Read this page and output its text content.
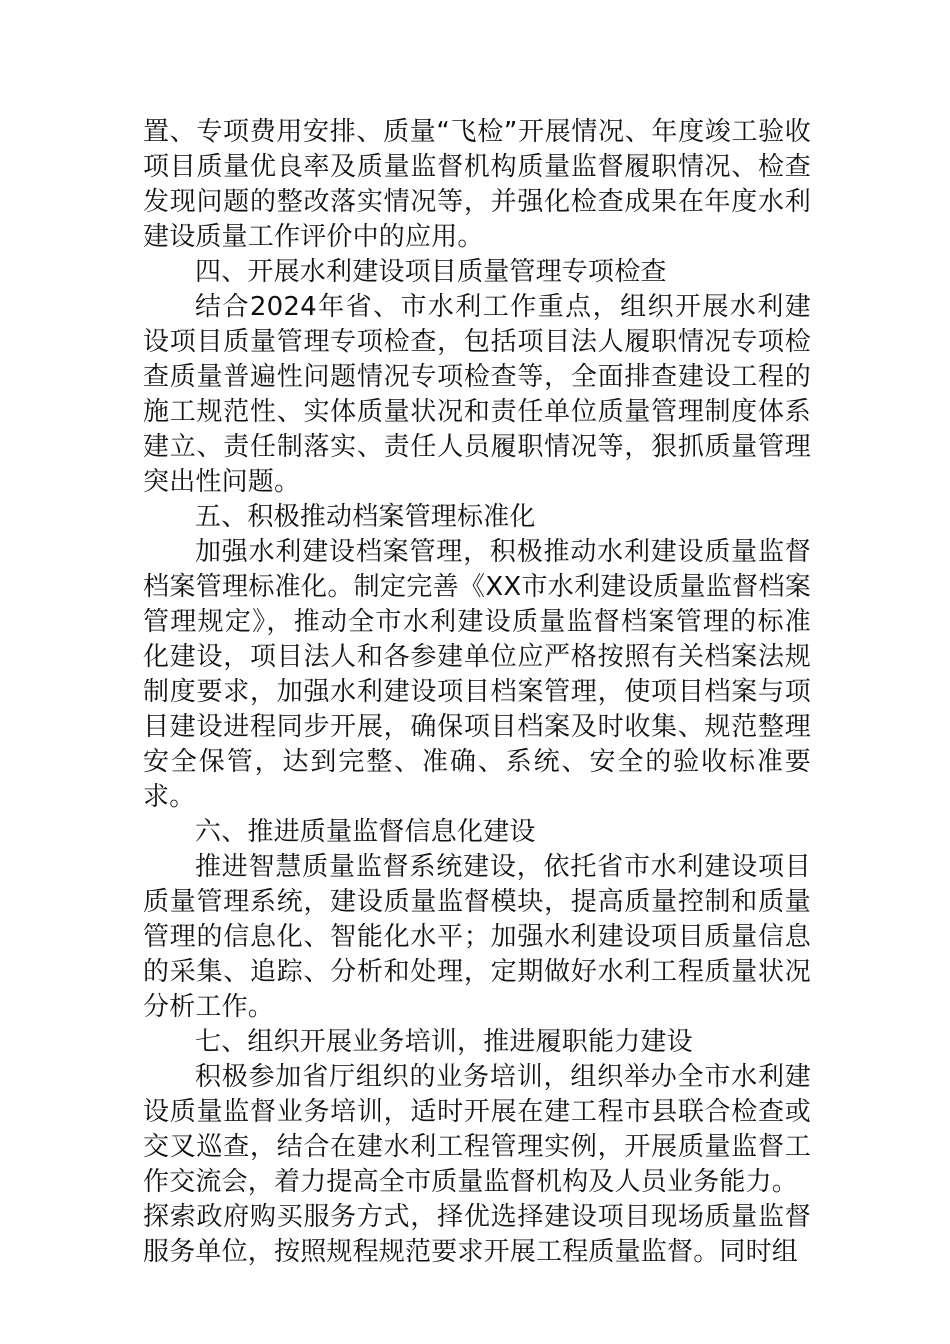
置、专项费用安排、质量“飞检”开展情况、年度竣工验收项目质量优良率及质量监督机构质量监督履职情况、检查发现问题的整改落实情况等，并强化检查成果在年度水利建设质量工作评价中的应用。

四、开展水利建设项目质量管理专项检查

结合2024年省、市水利工作重点，组织开展水利建设项目质量管理专项检查，包括项目法人履职情况专项检查质量普遍性问题情况专项检查等，全面排查建设工程的施工规范性、实体质量状况和责任单位质量管理制度体系建立、责任制落实、责任人员履职情况等，狠抓质量管理突出性问题。

五、积极推动档案管理标准化

加强水利建设档案管理，积极推动水利建设质量监督档案管理标准化。制定完善《XX市水利建设质量监督档案管理规定》，推动全市水利建设质量监督档案管理的标准化建设，项目法人和各参建单位应严格按照有关档案法规制度要求，加强水利建设项目档案管理，使项目档案与项目建设进程同步开展，确保项目档案及时收集、规范整理安全保管，达到完整、准确、系统、安全的验收标准要求。

六、推进质量监督信息化建设

推进智慧质量监督系统建设，依托省市水利建设项目质量管理系统，建设质量监督模块，提高质量控制和质量管理的信息化、智能化水平；加强水利建设项目质量信息的采集、追踪、分析和处理，定期做好水利工程质量状况分析工作。

七、组织开展业务培训，推进履职能力建设

积极参加省厅组织的业务培训，组织举办全市水利建设质量监督业务培训，适时开展在建工程市县联合检查或交叉巡查，结合在建水利工程管理实例，开展质量监督工作交流会，着力提高全市质量监督机构及人员业务能力。

探索政府购买服务方式，择优选择建设项目现场质量监督服务单位，按照规程规范要求开展工程质量监督。同时组
